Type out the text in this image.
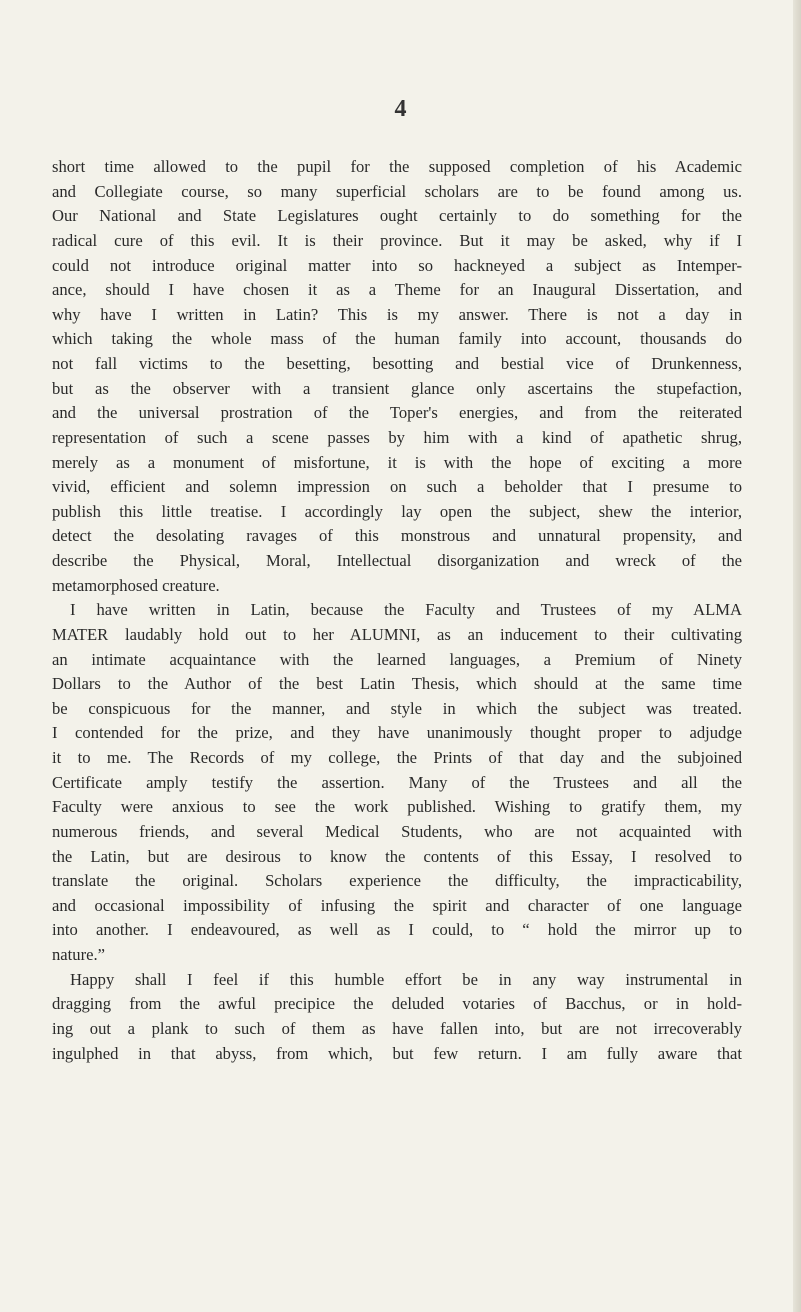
4
short time allowed to the pupil for the supposed completion of his Academic
and Collegiate course, so many superficial scholars are to be found among us.
Our National and State Legislatures ought certainly to do something for the
radical cure of this evil. It is their province. But it may be asked, why if I
could not introduce original matter into so hackneyed a subject as Intemper-
ance, should I have chosen it as a Theme for an Inaugural Dissertation, and
why have I written in Latin? This is my answer. There is not a day in
which taking the whole mass of the human family into account, thousands do
not fall victims to the besetting, besotting and bestial vice of Drunkenness,
but as the observer with a transient glance only ascertains the stupefaction,
and the universal prostration of the Toper's energies, and from the reiterated
representation of such a scene passes by him with a kind of apathetic shrug,
merely as a monument of misfortune, it is with the hope of exciting a more
vivid, efficient and solemn impression on such a beholder that I presume to
publish this little treatise. I accordingly lay open the subject, shew the interior,
detect the desolating ravages of this monstrous and unnatural propensity, and
describe the Physical, Moral, Intellectual disorganization and wreck of the
metamorphosed creature.
I have written in Latin, because the Faculty and Trustees of my ALMA
MATER laudably hold out to her ALUMNI, as an inducement to their cultivating
an intimate acquaintance with the learned languages, a Premium of Ninety
Dollars to the Author of the best Latin Thesis, which should at the same time
be conspicuous for the manner, and style in which the subject was treated.
I contended for the prize, and they have unanimously thought proper to adjudge
it to me. The Records of my college, the Prints of that day and the subjoined
Certificate amply testify the assertion. Many of the Trustees and all the
Faculty were anxious to see the work published. Wishing to gratify them, my
numerous friends, and several Medical Students, who are not acquainted with
the Latin, but are desirous to know the contents of this Essay, I resolved to
translate the original. Scholars experience the difficulty, the impracticability,
and occasional impossibility of infusing the spirit and character of one language
into another. I endeavoured, as well as I could, to “ hold the mirror up to
nature.”
Happy shall I feel if this humble effort be in any way instrumental in
dragging from the awful precipice the deluded votaries of Bacchus, or in hold-
ing out a plank to such of them as have fallen into, but are not irrecoverably
ingulphed in that abyss, from which, but few return. I am fully aware that
